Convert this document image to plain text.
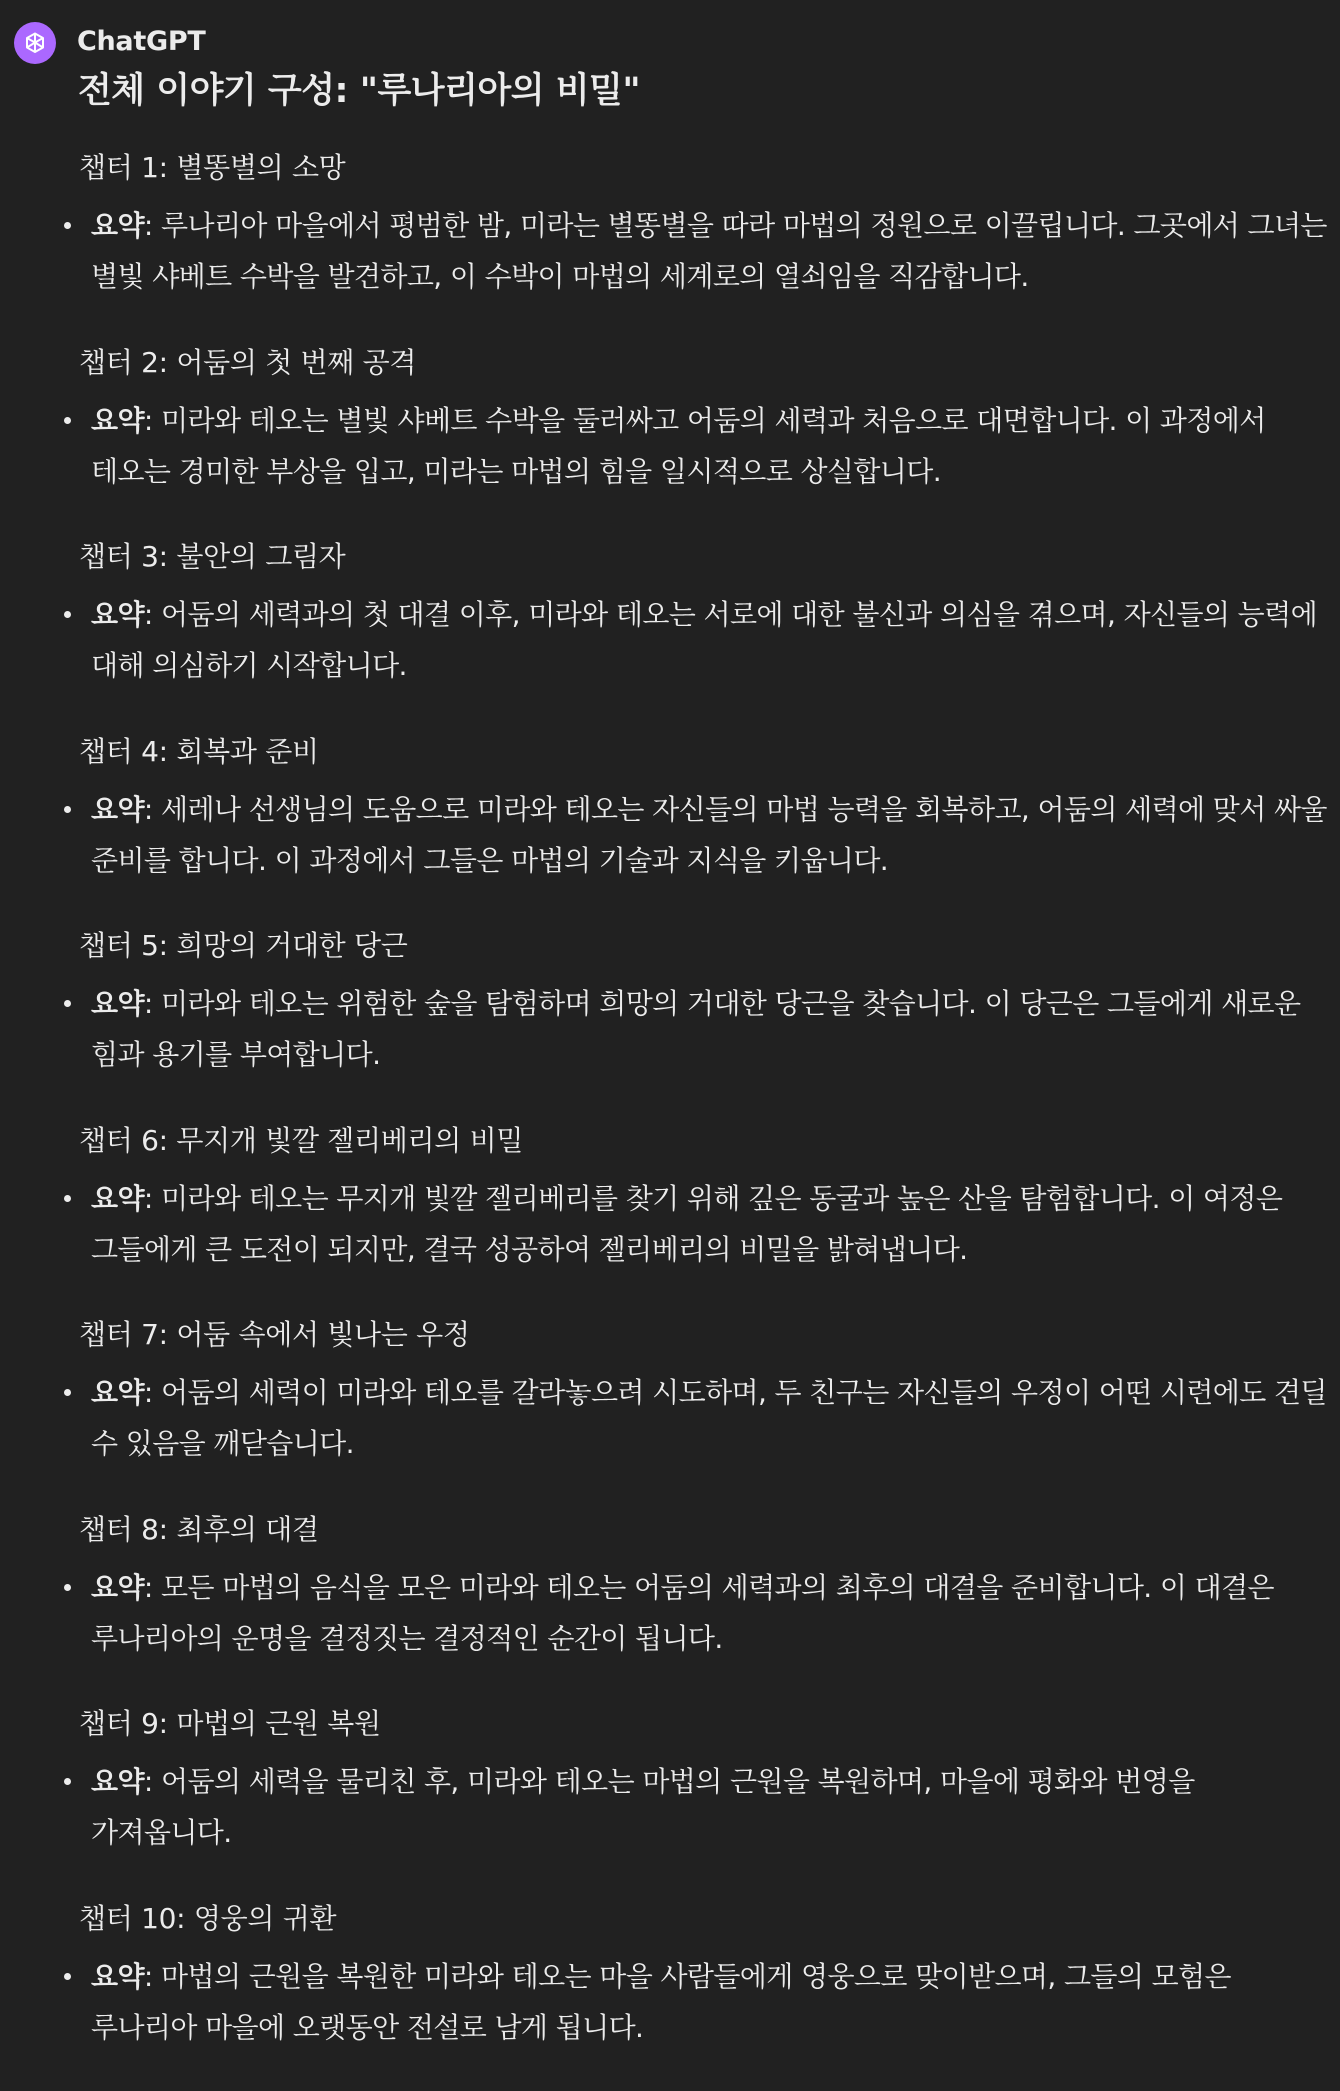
ChatGPT
전체 이야기 구성: "루나리아의 비밀"
챕터 1: 별똥별의 소망
요약: 루나리아 마을에서 평범한 밤, 미라는 별똥별을 따라 마법의 정원으로 이끌립니다. 그곳에서 그녀는 별빛 샤베트 수박을 발견하고, 이 수박이 마법의 세계로의 열쇠임을 직감합니다.
챕터 2: 어둠의 첫 번째 공격
요약: 미라와 테오는 별빛 샤베트 수박을 둘러싸고 어둠의 세력과 처음으로 대면합니다. 이 과정에서 테오는 경미한 부상을 입고, 미라는 마법의 힘을 일시적으로 상실합니다.
챕터 3: 불안의 그림자
요약: 어둠의 세력과의 첫 대결 이후, 미라와 테오는 서로에 대한 불신과 의심을 겪으며, 자신들의 능력에 대해 의심하기 시작합니다.
챕터 4: 회복과 준비
요약: 세레나 선생님의 도움으로 미라와 테오는 자신들의 마법 능력을 회복하고, 어둠의 세력에 맞서 싸울 준비를 합니다. 이 과정에서 그들은 마법의 기술과 지식을 키웁니다.
챕터 5: 희망의 거대한 당근
요약: 미라와 테오는 위험한 숲을 탐험하며 희망의 거대한 당근을 찾습니다. 이 당근은 그들에게 새로운 힘과 용기를 부여합니다.
챕터 6: 무지개 빛깔 젤리베리의 비밀
요약: 미라와 테오는 무지개 빛깔 젤리베리를 찾기 위해 깊은 동굴과 높은 산을 탐험합니다. 이 여정은 그들에게 큰 도전이 되지만, 결국 성공하여 젤리베리의 비밀을 밝혀냅니다.
챕터 7: 어둠 속에서 빛나는 우정
요약: 어둠의 세력이 미라와 테오를 갈라놓으려 시도하며, 두 친구는 자신들의 우정이 어떤 시련에도 견딜 수 있음을 깨닫습니다.
챕터 8: 최후의 대결
요약: 모든 마법의 음식을 모은 미라와 테오는 어둠의 세력과의 최후의 대결을 준비합니다. 이 대결은 루나리아의 운명을 결정짓는 결정적인 순간이 됩니다.
챕터 9: 마법의 근원 복원
요약: 어둠의 세력을 물리친 후, 미라와 테오는 마법의 근원을 복원하며, 마을에 평화와 번영을 가져옵니다.
챕터 10: 영웅의 귀환
요약: 마법의 근원을 복원한 미라와 테오는 마을 사람들에게 영웅으로 맞이받으며, 그들의 모험은 루나리아 마을에 오랫동안 전설로 남게 됩니다.
